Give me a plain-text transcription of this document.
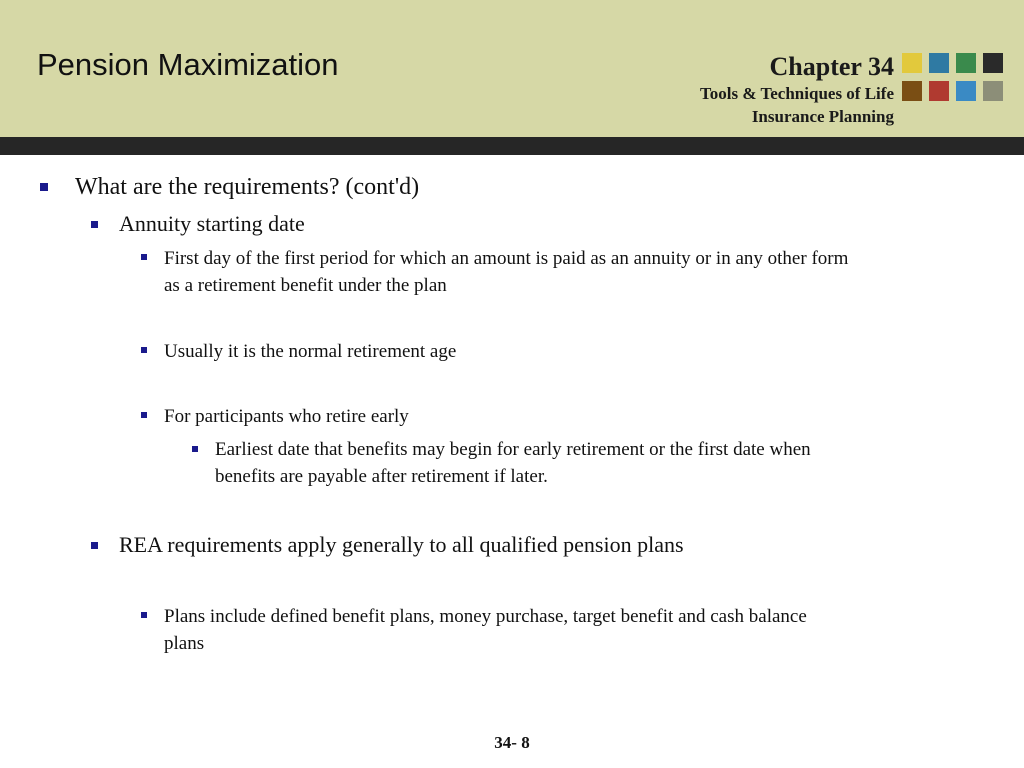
Pension Maximization	Chapter 34
Tools & Techniques of Life
Insurance Planning
What are the requirements? (cont'd)
Annuity starting date
First day of the first period for which an amount is paid as an annuity or in any other form
as a retirement benefit under the plan
Usually it is the normal retirement age
For participants who retire early
Earliest date that benefits may begin for early retirement or the first date when
benefits are payable after retirement if later.
REA requirements apply generally to all qualified pension plans
Plans include defined benefit plans, money purchase, target benefit and cash balance
plans
34- 8
